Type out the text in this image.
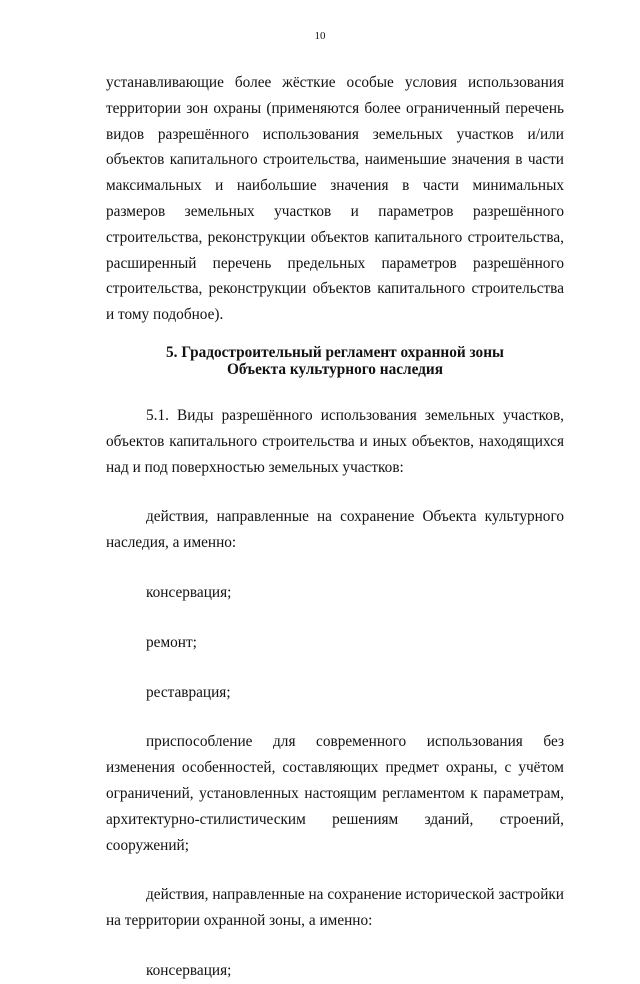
10

устанавливающие более жёсткие особые условия использования территории зон охраны (применяются более ограниченный перечень видов разрешённого использования земельных участков и/или объектов капитального строительства, наименьшие значения в части максимальных и наибольшие значения в части минимальных размеров земельных участков и параметров разрешённого строительства, реконструкции объектов капитального строительства, расширенный перечень предельных параметров разрешённого строительства, реконструкции объектов капитального строительства и тому подобное).

5. Градостроительный регламент охранной зоны
Объекта культурного наследия

5.1. Виды разрешённого использования земельных участков, объектов капитального строительства и иных объектов, находящихся над и под поверхностью земельных участков:

действия, направленные на сохранение Объекта культурного наследия, а именно:

консервация;

ремонт;

реставрация;

приспособление для современного использования без изменения особенностей, составляющих предмет охраны, с учётом ограничений, установленных настоящим регламентом к параметрам, архитектурно-стилистическим решениям зданий, строений, сооружений;

действия, направленные на сохранение исторической застройки на территории охранной зоны, а именно:

консервация;
